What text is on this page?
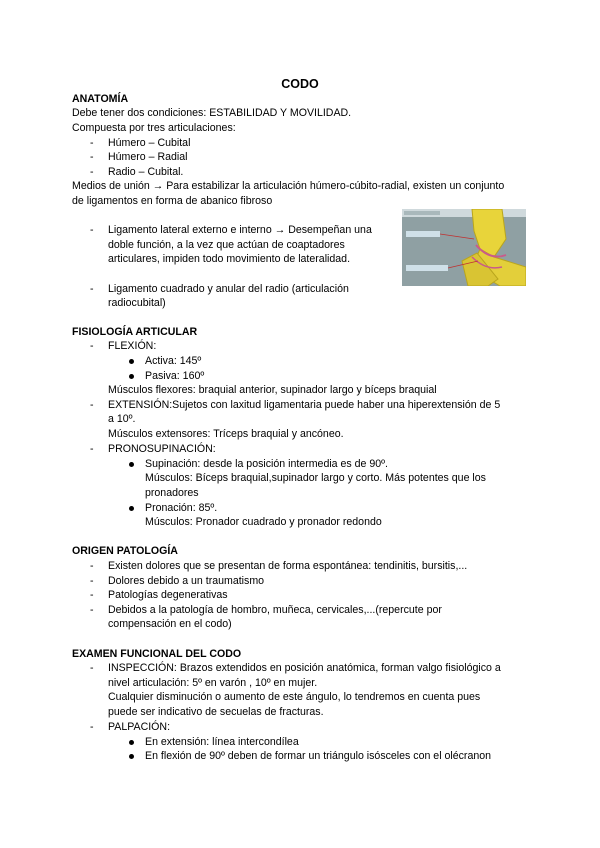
CODO
ANATOMÍA
Debe tener dos condiciones: ESTABILIDAD Y MOVILIDAD.
Compuesta por tres articulaciones:
- Húmero – Cubital
- Húmero – Radial
- Radio – Cubital.
Medios de unión → Para estabilizar la articulación húmero-cúbito-radial, existen un conjunto
de ligamentos en forma de abanico fibroso
- Ligamento lateral externo e interno → Desempeñan una
doble función, a la vez que actúan de coaptadores
articulares, impiden todo movimiento de lateralidad.
- Ligamento cuadrado y anular del radio (articulación
radiocubital)
FISIOLOGÍA ARTICULAR
- FLEXIÓN:
Activa: 145º
Pasiva: 160º
Músculos flexores: braquial anterior, supinador largo y bíceps braquial
- EXTENSIÓN:Sujetos con laxitud ligamentaria puede haber una hiperextensión de 5
a 10º.
Músculos extensores: Tríceps braquial y ancóneo.
- PRONOSUPINACIÓN:
Supinación: desde la posición intermedia es de 90º.
Músculos: Bíceps braquial,supinador largo y corto. Más potentes que los
pronadores
Pronación: 85º.
Músculos: Pronador cuadrado y pronador redondo
ORIGEN PATOLOGÍA
- Existen dolores que se presentan de forma espontánea: tendinitis, bursitis,...
- Dolores debido a un traumatismo
- Patologías degenerativas
- Debidos a la patología de hombro, muñeca, cervicales,...(repercute por
compensación en el codo)
EXAMEN FUNCIONAL DEL CODO
- INSPECCIÓN: Brazos extendidos en posición anatómica, forman valgo fisiológico a
nivel articulación: 5º en varón , 10º en mujer.
Cualquier disminución o aumento de este ángulo, lo tendremos en cuenta pues
puede ser indicativo de secuelas de fracturas.
- PALPACIÓN:
En extensión: línea intercondílea
En flexión de 90º deben de formar un triángulo isósceles con el olécranon
